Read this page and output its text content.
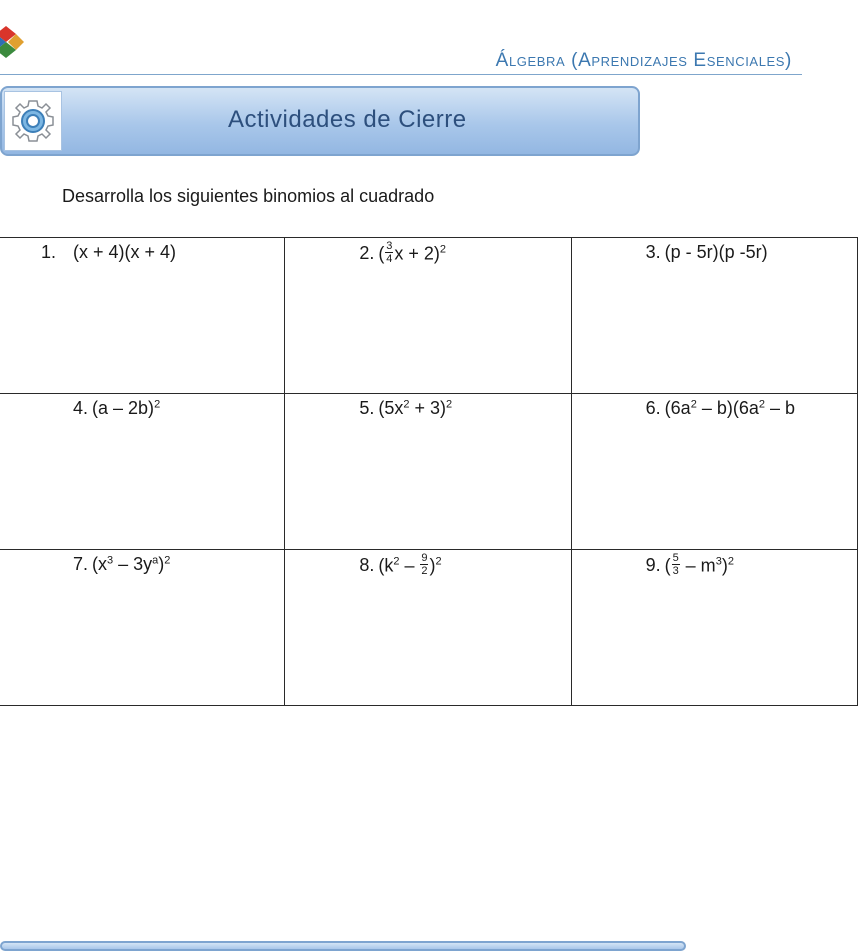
Álgebra (Aprendizajes Esenciales)
Actividades de Cierre
Desarrolla los siguientes binomios al cuadrado
1. (x + 4)(x + 4)	2. ( $\frac{3}{4}$ x + 2)$^2$	3. (p - 5r)(p -5r)

4. (a – 2b)$^2$	5. $(5x^2 + 3)^2$	6. $(6a^2 - b)(6a^2$ – b

7. $(x^3 - 3y^a)^2$	8. $(k^2 - \frac{9}{2} )^2$	9. ( $\frac{5}{3} - m^3)^2$
